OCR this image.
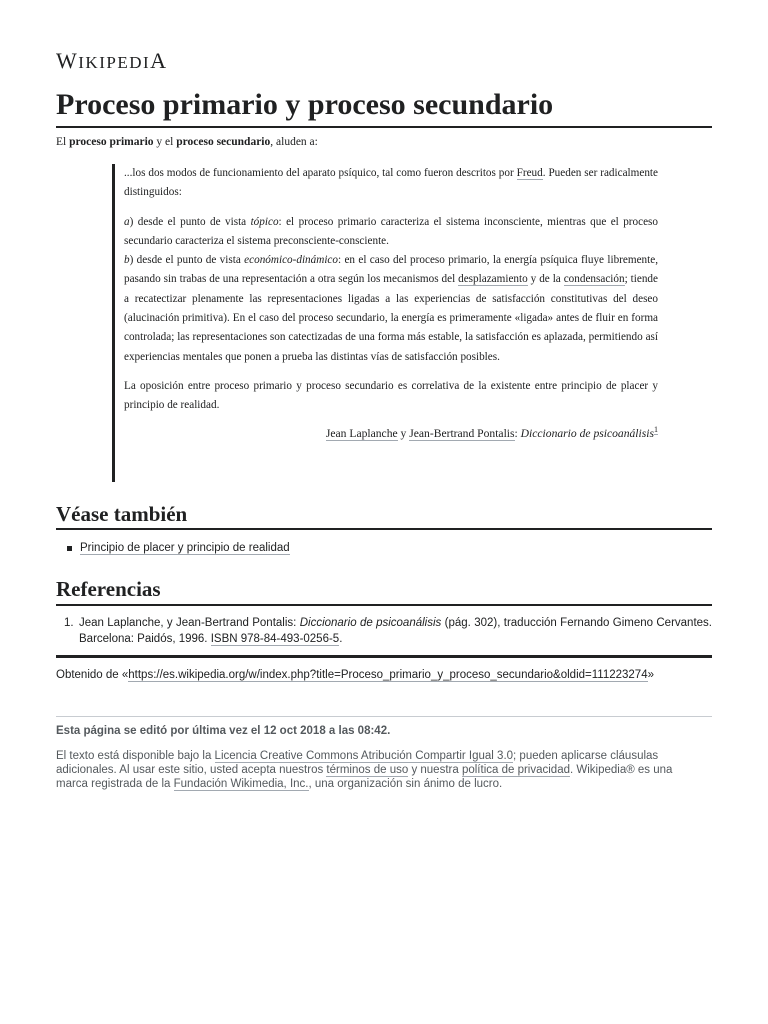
WIKIPEDIA
Proceso primario y proceso secundario

El proceso primario y el proceso secundario, aluden a:

...los dos modos de funcionamiento del aparato psíquico, tal como fueron descritos por Freud. Pueden ser radicalmente distinguidos:

a) desde el punto de vista tópico: el proceso primario caracteriza el sistema inconsciente, mientras que el proceso secundario caracteriza el sistema preconsciente-consciente.
b) desde el punto de vista económico-dinámico: en el caso del proceso primario, la energía psíquica fluye libremente, pasando sin trabas de una representación a otra según los mecanismos del desplazamiento y de la condensación; tiende a recatectizar plenamente las representaciones ligadas a las experiencias de satisfacción constitutivas del deseo (alucinación primitiva). En el caso del proceso secundario, la energía es primeramente «ligada» antes de fluir en forma controlada; las representaciones son catectizadas de una forma más estable, la satisfacción es aplazada, permitiendo así experiencias mentales que ponen a prueba las distintas vías de satisfacción posibles.

La oposición entre proceso primario y proceso secundario es correlativa de la existente entre principio de placer y principio de realidad.

Jean Laplanche y Jean-Bertrand Pontalis: Diccionario de psicoanálisis$^1$

Véase también
Principio de placer y principio de realidad
Referencias
1. Jean Laplanche, y Jean-Bertrand Pontalis: Diccionario de psicoanálisis (pág. 302), traducción Fernando Gimeno Cervantes. Barcelona: Paidós, 1996. ISBN 978-84-493-0256-5.
Obtenido de «https://es.wikipedia.org/w/index.php?title=Proceso_primario_y_proceso_secundario&oldid=111223274»
Esta página se editó por última vez el 12 oct 2018 a las 08:42.
El texto está disponible bajo la Licencia Creative Commons Atribución Compartir Igual 3.0; pueden aplicarse cláusulas adicionales. Al usar este sitio, usted acepta nuestros términos de uso y nuestra política de privacidad. Wikipedia® es una marca registrada de la Fundación Wikimedia, Inc., una organización sin ánimo de lucro.
